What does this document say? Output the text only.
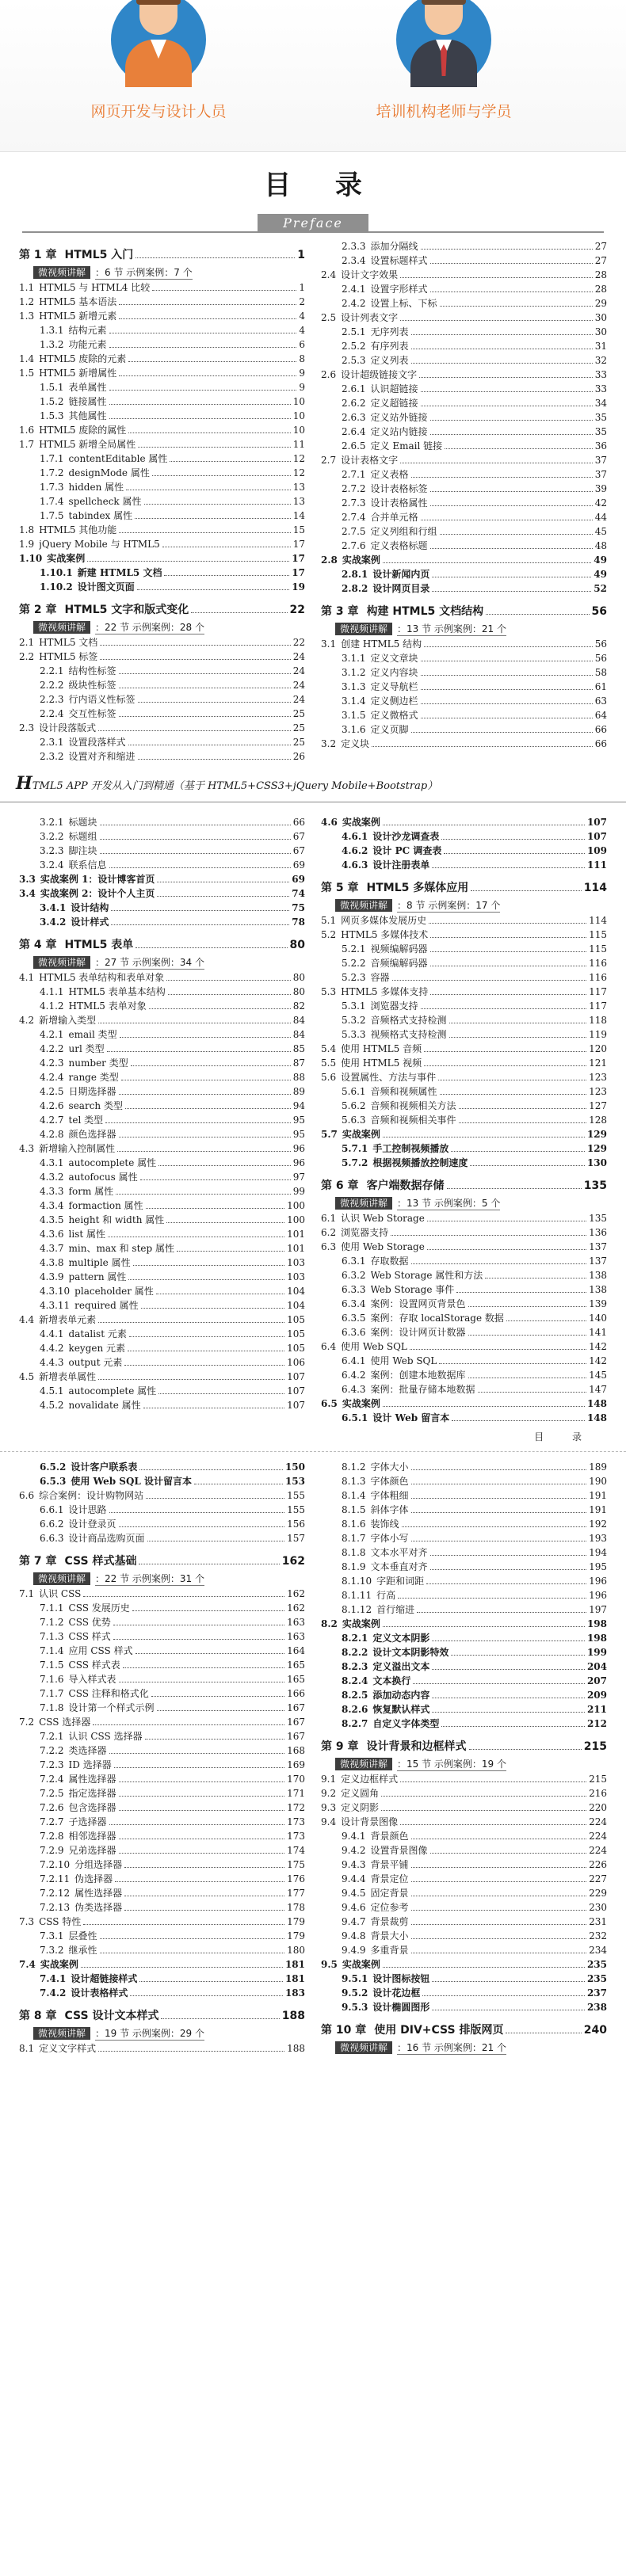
网页开发与设计人员	培训机构老师与学员
目 录
Preface
第 1 章 HTML5 入门	1
微视频讲解	：6 节 示例案例：7 个
1.1 HTML5 与 HTML4 比较	1
1.2 HTML5 基本语法	2
1.3 HTML5 新增元素	4
1.3.1 结构元素	4
1.3.2 功能元素	6
1.4 HTML5 废除的元素	8
1.5 HTML5 新增属性	9
1.5.1 表单属性	9
1.5.2 链接属性	10
1.5.3 其他属性	10
1.6 HTML5 废除的属性	10
1.7 HTML5 新增全局属性	11
1.7.1 contentEditable 属性	12
1.7.2 designMode 属性	12
1.7.3 hidden 属性	13
1.7.4 spellcheck 属性	13
1.7.5 tabindex 属性	14
1.8 HTML5 其他功能	15
1.9 jQuery Mobile 与 HTML5	17
1.10 实战案例	17
1.10.1 新建 HTML5 文档	17
1.10.2 设计图文页面	19
第 2 章 HTML5 文字和版式变化	22
微视频讲解	：22 节 示例案例：28 个
2.1 HTML5 文档	22
2.2 HTML5 标签	24
2.2.1 结构性标签	24
2.2.2 级块性标签	24
2.2.3 行内语义性标签	24
2.2.4 交互性标签	25
2.3 设计段落版式	25
2.3.1 设置段落样式	25
2.3.2 设置对齐和缩进	26
2.3.3 添加分隔线	27
2.3.4 设置标题样式	27
2.4 设计文字效果	28
2.4.1 设置字形样式	28
2.4.2 设置上标、下标	29
2.5 设计列表文字	30
2.5.1 无序列表	30
2.5.2 有序列表	31
2.5.3 定义列表	32
2.6 设计超级链接文字	33
2.6.1 认识超链接	33
2.6.2 定义超链接	34
2.6.3 定义站外链接	35
2.6.4 定义站内链接	35
2.6.5 定义 Email 链接	36
2.7 设计表格文字	37
2.7.1 定义表格	37
2.7.2 设计表格标签	39
2.7.3 设计表格属性	42
2.7.4 合并单元格	44
2.7.5 定义列组和行组	45
2.7.6 定义表格标题	48
2.8 实战案例	49
2.8.1 设计新闻内页	49
2.8.2 设计网页目录	52
第 3 章 构建 HTML5 文档结构	56
微视频讲解	：13 节 示例案例：21 个
3.1 创建 HTML5 结构	56
3.1.1 定义文章块	56
3.1.2 定义内容块	58
3.1.3 定义导航栏	61
3.1.4 定义侧边栏	63
3.1.5 定义微格式	64
3.1.6 定义页脚	66
3.2 定义块	66
HTML5 APP 开发从入门到精通（基于 HTML5+CSS3+jQuery Mobile+Bootstrap）
3.2.1 标题块	66
3.2.2 标题组	67
3.2.3 脚注块	67
3.2.4 联系信息	69
3.3 实战案例 1：设计博客首页	69
3.4 实战案例 2：设计个人主页	74
3.4.1 设计结构	75
3.4.2 设计样式	78
第 4 章 HTML5 表单	80
微视频讲解	：27 节 示例案例：34 个
4.1 HTML5 表单结构和表单对象	80
4.1.1 HTML5 表单基本结构	80
4.1.2 HTML5 表单对象	82
4.2 新增输入类型	84
4.2.1 email 类型	84
4.2.2 url 类型	85
4.2.3 number 类型	87
4.2.4 range 类型	88
4.2.5 日期选择器	89
4.2.6 search 类型	94
4.2.7 tel 类型	95
4.2.8 颜色选择器	95
4.3 新增输入控制属性	96
4.3.1 autocomplete 属性	96
4.3.2 autofocus 属性	97
4.3.3 form 属性	99
4.3.4 formaction 属性	100
4.3.5 height 和 width 属性	100
4.3.6 list 属性	101
4.3.7 min、max 和 step 属性	101
4.3.8 multiple 属性	103
4.3.9 pattern 属性	103
4.3.10 placeholder 属性	104
4.3.11 required 属性	104
4.4 新增表单元素	105
4.4.1 datalist 元素	105
4.4.2 keygen 元素	105
4.4.3 output 元素	106
4.5 新增表单属性	107
4.5.1 autocomplete 属性	107
4.5.2 novalidate 属性	107
4.6 实战案例	107
4.6.1 设计沙龙调查表	107
4.6.2 设计 PC 调查表	109
4.6.3 设计注册表单	111
第 5 章 HTML5 多媒体应用	114
微视频讲解	：8 节 示例案例：17 个
5.1 网页多媒体发展历史	114
5.2 HTML5 多媒体技术	115
5.2.1 视频编解码器	115
5.2.2 音频编解码器	116
5.2.3 容器	116
5.3 HTML5 多媒体支持	117
5.3.1 浏览器支持	117
5.3.2 音频格式支持检测	118
5.3.3 视频格式支持检测	119
5.4 使用 HTML5 音频	120
5.5 使用 HTML5 视频	121
5.6 设置属性、方法与事件	123
5.6.1 音频和视频属性	123
5.6.2 音频和视频相关方法	127
5.6.3 音频和视频相关事件	128
5.7 实战案例	129
5.7.1 手工控制视频播放	129
5.7.2 根据视频播放控制速度	130
第 6 章 客户端数据存储	135
微视频讲解	：13 节 示例案例：5 个
6.1 认识 Web Storage	135
6.2 浏览器支持	136
6.3 使用 Web Storage	137
6.3.1 存取数据	137
6.3.2 Web Storage 属性和方法	138
6.3.3 Web Storage 事件	138
6.3.4 案例：设置网页背景色	139
6.3.5 案例：存取 localStorage 数据	140
6.3.6 案例：设计网页计数器	141
6.4 使用 Web SQL	142
6.4.1 使用 Web SQL	142
6.4.2 案例：创建本地数据库	145
6.4.3 案例：批量存储本地数据	147
6.5 实战案例	148
6.5.1 设计 Web 留言本	148
目 录
6.5.2 设计客户联系表	150
6.5.3 使用 Web SQL 设计留言本	153
6.6 综合案例：设计购物网站	155
6.6.1 设计思路	155
6.6.2 设计登录页	156
6.6.3 设计商品选购页面	157
第 7 章 CSS 样式基础	162
微视频讲解	：22 节 示例案例：31 个
7.1 认识 CSS	162
7.1.1 CSS 发展历史	162
7.1.2 CSS 优势	163
7.1.3 CSS 样式	163
7.1.4 应用 CSS 样式	164
7.1.5 CSS 样式表	165
7.1.6 导入样式表	165
7.1.7 CSS 注释和格式化	166
7.1.8 设计第一个样式示例	167
7.2 CSS 选择器	167
7.2.1 认识 CSS 选择器	167
7.2.2 类选择器	168
7.2.3 ID 选择器	169
7.2.4 属性选择器	170
7.2.5 指定选择器	171
7.2.6 包含选择器	172
7.2.7 子选择器	173
7.2.8 相邻选择器	173
7.2.9 兄弟选择器	174
7.2.10 分组选择器	175
7.2.11 伪选择器	176
7.2.12 属性选择器	177
7.2.13 伪类选择器	178
7.3 CSS 特性	179
7.3.1 层叠性	179
7.3.2 继承性	180
7.4 实战案例	181
7.4.1 设计超链接样式	181
7.4.2 设计表格样式	183
第 8 章 CSS 设计文本样式	188
微视频讲解	：19 节 示例案例：29 个
8.1 定义文字样式	188
8.1.2 字体大小	189
8.1.3 字体颜色	190
8.1.4 字体粗细	191
8.1.5 斜体字体	191
8.1.6 装饰线	192
8.1.7 字体小写	193
8.1.8 文本水平对齐	194
8.1.9 文本垂直对齐	195
8.1.10 字距和词距	196
8.1.11 行高	196
8.1.12 首行缩进	197
8.2 实战案例	198
8.2.1 定义文本阴影	198
8.2.2 设计文本阴影特效	199
8.2.3 定义溢出文本	204
8.2.4 文本换行	207
8.2.5 添加动态内容	209
8.2.6 恢复默认样式	211
8.2.7 自定义字体类型	212
第 9 章 设计背景和边框样式	215
微视频讲解	：15 节 示例案例：19 个
9.1 定义边框样式	215
9.2 定义圆角	216
9.3 定义阴影	220
9.4 设计背景图像	224
9.4.1 背景颜色	224
9.4.2 设置背景图像	224
9.4.3 背景平铺	226
9.4.4 背景定位	227
9.4.5 固定背景	229
9.4.6 定位参考	230
9.4.7 背景裁剪	231
9.4.8 背景大小	232
9.4.9 多重背景	234
9.5 实战案例	235
9.5.1 设计图标按钮	235
9.5.2 设计花边框	237
9.5.3 设计椭圆图形	238
第 10 章 使用 DIV+CSS 排版网页	240
微视频讲解	：16 节 示例案例：21 个
